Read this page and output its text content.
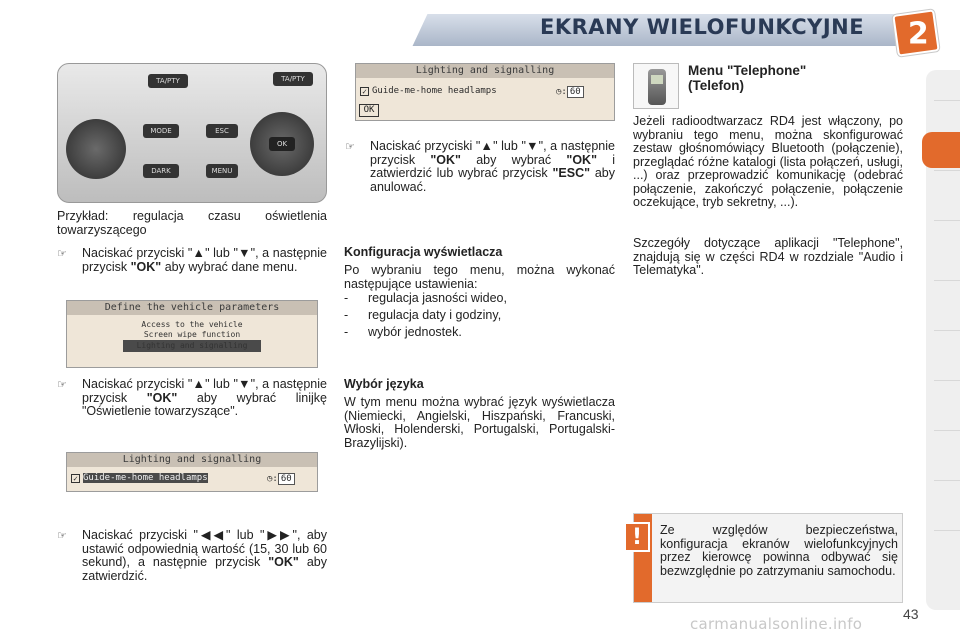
EKRANY WIELOFUNKCYJNE	2
TA/PTY	TA/PTY
MODE
DARK
ESC
MENU
OK
Przykład: regulacja czasu oświetlenia towarzyszącego
☞ Naciskać przyciski "▲" lub "▼", a następnie przycisk "OK" aby wybrać dane menu.
Define the vehicle parameters
Access to the vehicle
Screen wipe function
Lighting and signalling
☞ Naciskać przyciski "▲" lub "▼", a następnie przycisk "OK" aby wybrać linijkę "Oświetlenie towarzyszące".
Lighting and signalling
✓ Guide-me-home headlamps	◷: 60
☞ Naciskać przyciski "◀◀" lub "▶▶", aby ustawić odpowiednią wartość (15, 30 lub 60 sekund), a następnie przycisk "OK" aby zatwierdzić.
Lighting and signalling
✓ Guide-me-home headlamps	◷: 60
OK
☞ Naciskać przyciski "▲" lub "▼", a następnie przycisk "OK" aby wybrać "OK" i zatwierdzić lub wybrać przycisk "ESC" aby anulować.
Konfiguracja wyświetlacza
Po wybraniu tego menu, można wykonać następujące ustawienia:
- regulacja jasności wideo,
- regulacja daty i godziny,
- wybór jednostek.
Wybór języka
W tym menu można wybrać język wyświetlacza (Niemiecki, Angielski, Hiszpański, Francuski, Włoski, Holenderski, Portugalski, Portugalski-Brazylijski).
Menu "Telephone"
(Telefon)
Jeżeli radioodtwarzacz RD4 jest włączony, po wybraniu tego menu, można skonfigurować zestaw głośnomówiący Bluetooth (połączenie), przeglądać różne katalogi (lista połączeń, usługi, ...) oraz przeprowadzić komunikację (odebrać połączenie, zakończyć połączenie, połączenie oczekujące, tryb sekretny, ...).
Szczegóły dotyczące aplikacji "Telephone", znajdują się w części RD4 w rozdziale "Audio i Telematyka".
Ze względów bezpieczeństwa, konfiguracja ekranów wielofunkcyjnych przez kierowcę powinna odbywać się bezwzględnie po zatrzymaniu samochodu.
!
43
carmanualsonline.info
